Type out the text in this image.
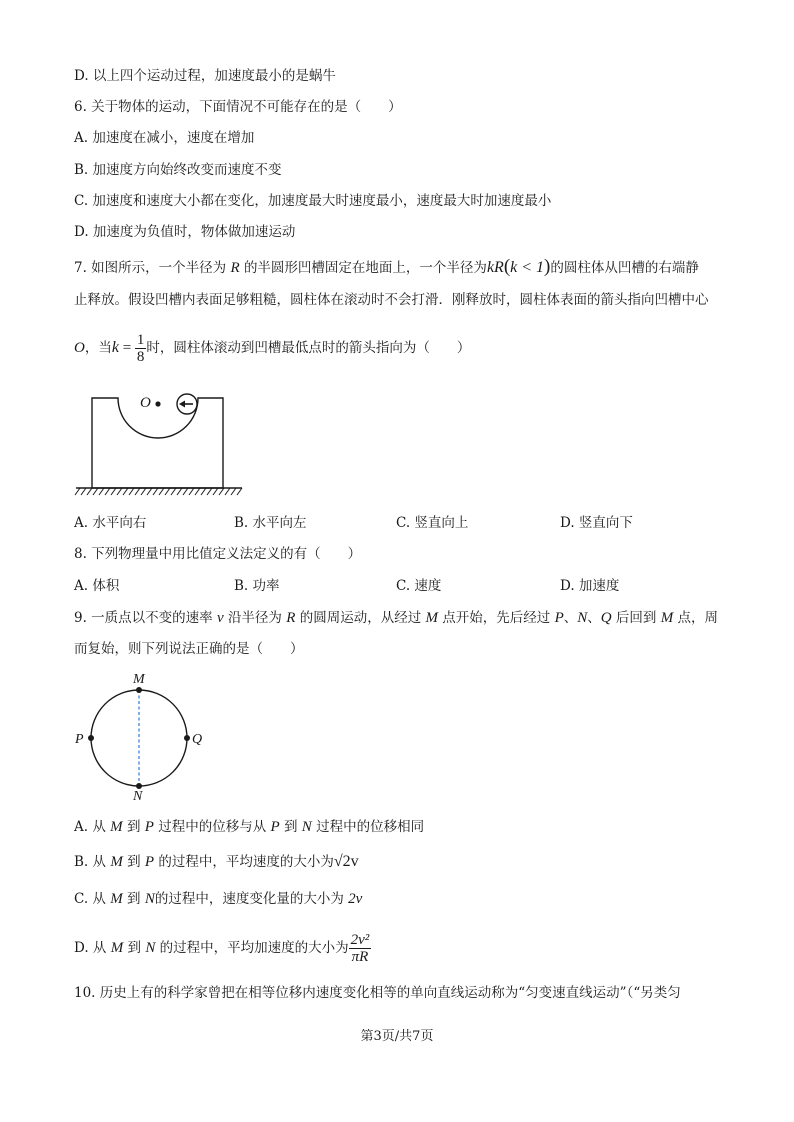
D. 以上四个运动过程，加速度最小的是蜗牛
6. 关于物体的运动，下面情况不可能存在的是（　　）
A. 加速度在减小，速度在增加
B. 加速度方向始终改变而速度不变
C. 加速度和速度大小都在变化，加速度最大时速度最小，速度最大时加速度最小
D. 加速度为负值时，物体做加速运动
7. 如图所示，一个半径为 R 的半圆形凹槽固定在地面上，一个半径为kR(k < 1)的圆柱体从凹槽的右端静
止释放。假设凹槽内表面足够粗糙，圆柱体在滚动时不会打滑．刚释放时，圆柱体表面的箭头指向凹槽中心
O，当$k = \frac{1}{8}$ 时，圆柱体滚动到凹槽最低点时的箭头指向为（　　）
O
A. 水平向右	B. 水平向左	C. 竖直向上	D. 竖直向下
8. 下列物理量中用比值定义法定义的有（　　）
A. 体积	B. 功率	C. 速度	D. 加速度
9. 一质点以不变的速率 v 沿半径为 R 的圆周运动，从经过 M 点开始，先后经过 P、N、Q 后回到 M 点，周
而复始，则下列说法正确的是（　　）
M
P	Q
N
A. 从 M 到 P 过程中的位移与从 P 到 N 过程中的位移相同
B. 从 M 到 P 的过程中，平均速度的大小为√2v
C. 从 M 到 N的过程中，速度变化量的大小为 2v
D. 从 M 到 N 的过程中，平均加速度的大小为 $\frac{\text{2v²}}{\pi R}$
10. 历史上有的科学家曾把在相等位移内速度变化相等的单向直线运动称为“匀变速直线运动”（“另类匀
第3页/共7页
